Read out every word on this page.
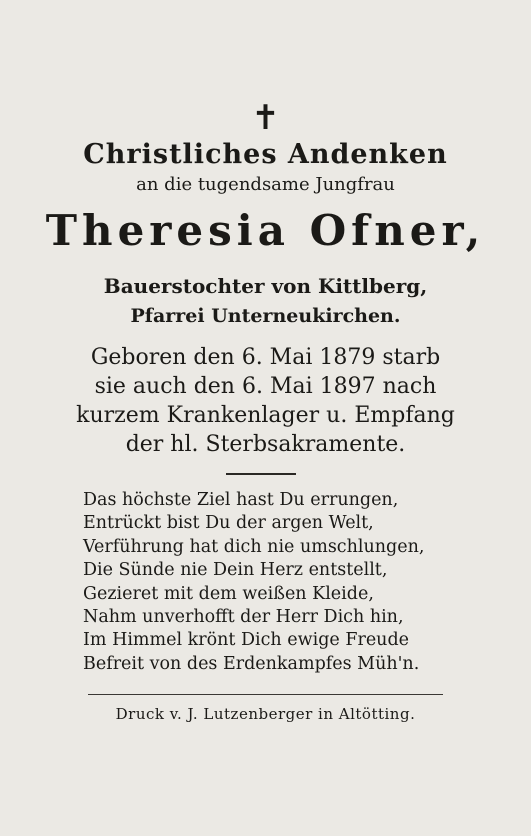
✝
Christliches Andenken
an die tugendsame Jungfrau
Theresia Ofner,
Bauerstochter von Kittlberg,
Pfarrei Unterneukirchen.
Geboren den 6. Mai 1879 starb
sie auch den 6. Mai 1897 nach
kurzem Krankenlager u. Empfang
der hl. Sterbsakramente.
Das höchste Ziel hast Du errungen,
Entrückt bist Du der argen Welt,
Verführung hat dich nie umschlungen,
Die Sünde nie Dein Herz entstellt,
Gezieret mit dem weißen Kleide,
Nahm unverhofft der Herr Dich hin,
Im Himmel krönt Dich ewige Freude
Befreit von des Erdenkampfes Müh'n.
Druck v. J. Lutzenberger in Altötting.
